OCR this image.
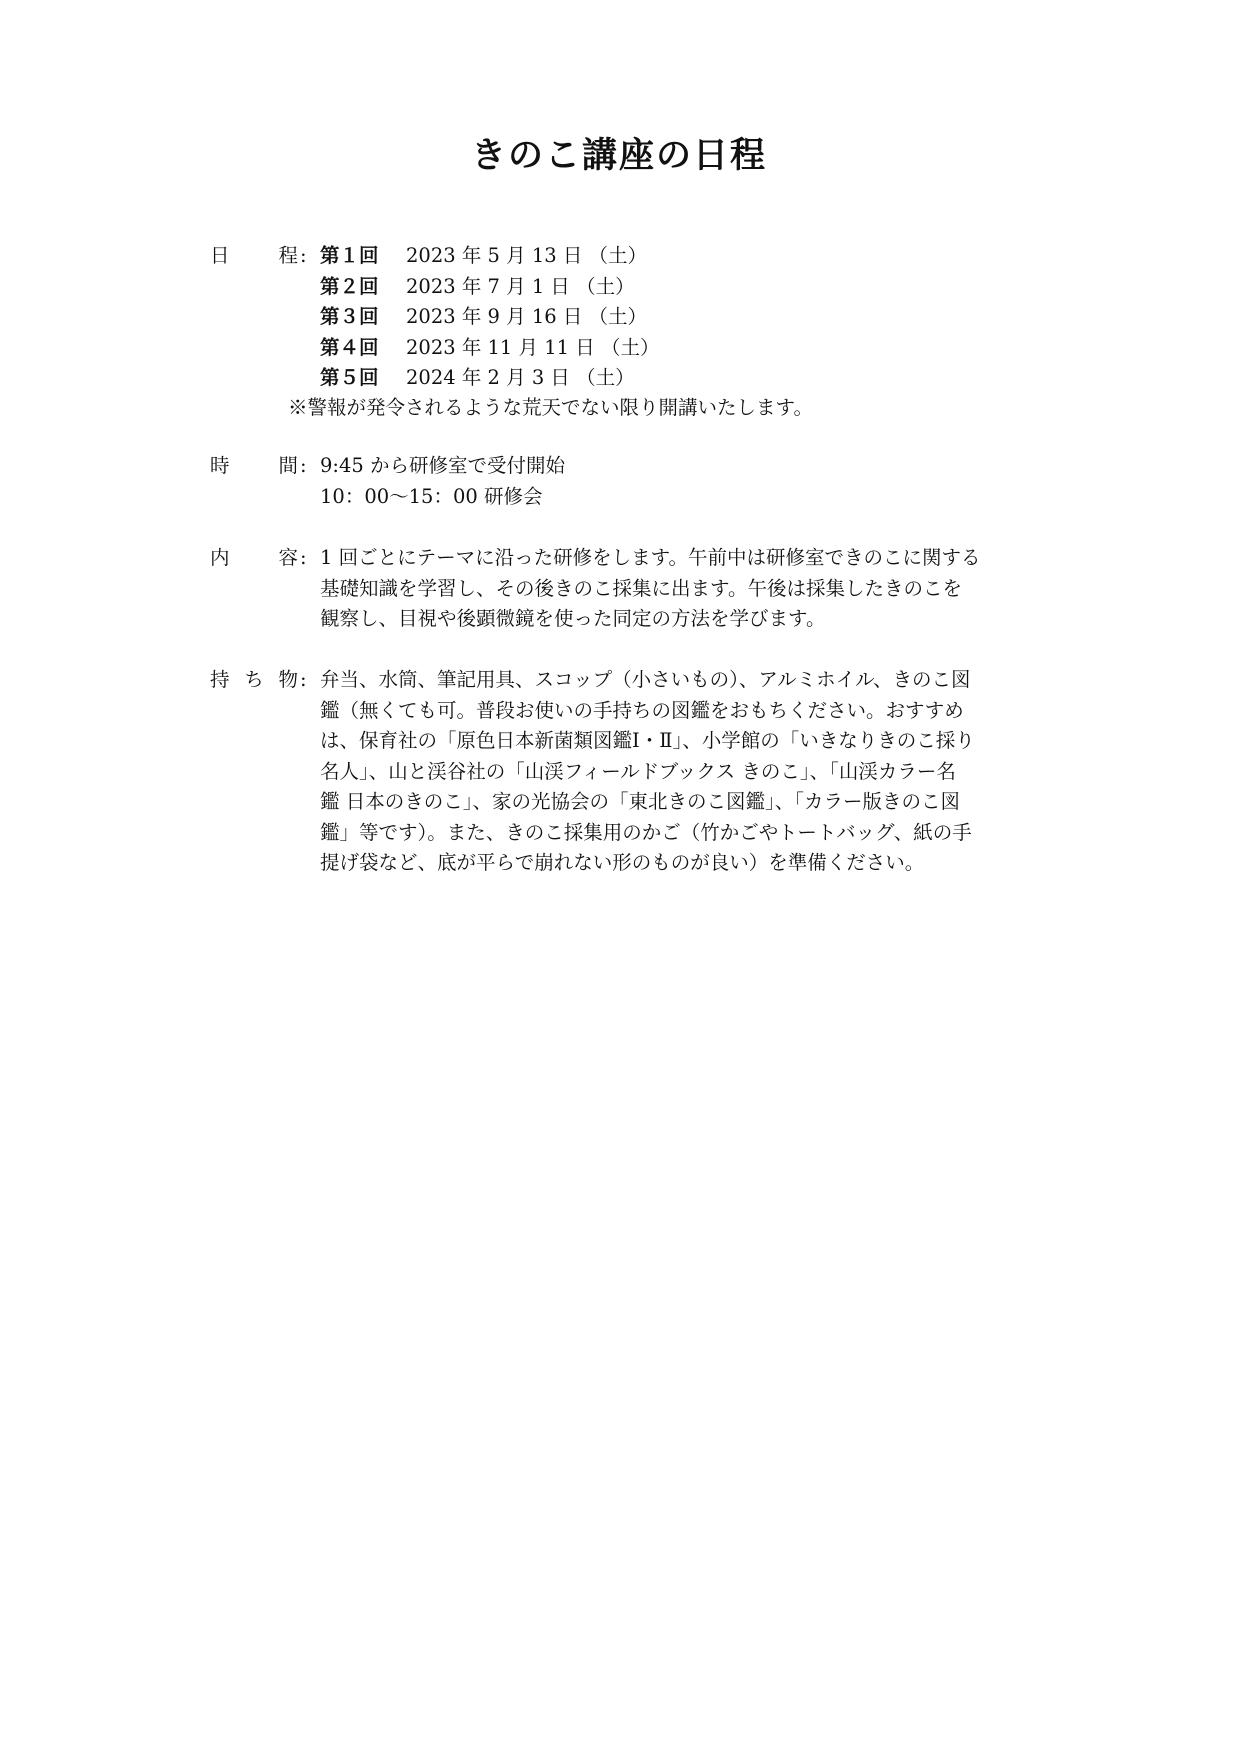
きのこ講座の日程
日	程 : 第１回 2023 年 5 月 13 日 （土）
第２回 2023 年 7 月 1 日 （土）
第３回 2023 年 9 月 16 日 （土）
第４回 2023 年 11 月 11 日 （土）
第５回 2024 年 2 月 3 日 （土）
※警報が発令されるような荒天でない限り開講いたします。
時	間 : 9:45 から研修室で受付開始
10：00～15：00 研修会
内	容 : 1 回ごとにテーマに沿った研修をします。午前中は研修室できのこに関する
基礎知識を学習し、その後きのこ採集に出ます。午後は採集したきのこを
観察し、目視や後顕微鏡を使った同定の方法を学びます。
持 ち 物 : 弁当、水筒、筆記用具、スコップ（小さいもの）、アルミホイル、きのこ図
鑑（無くても可。普段お使いの手持ちの図鑑をおもちください。おすすめ
は、保育社の「原色日本新菌類図鑑Ⅰ・Ⅱ」、小学館の「いきなりきのこ採り
名人」、山と渓谷社の「山渓フィールドブックス きのこ」、「山渓カラー名
鑑 日本のきのこ」、家の光協会の「東北きのこ図鑑」、「カラー版きのこ図
鑑」等です）。また、きのこ採集用のかご（竹かごやトートバッグ、紙の手
提げ袋など、底が平らで崩れない形のものが良い）を準備ください。
